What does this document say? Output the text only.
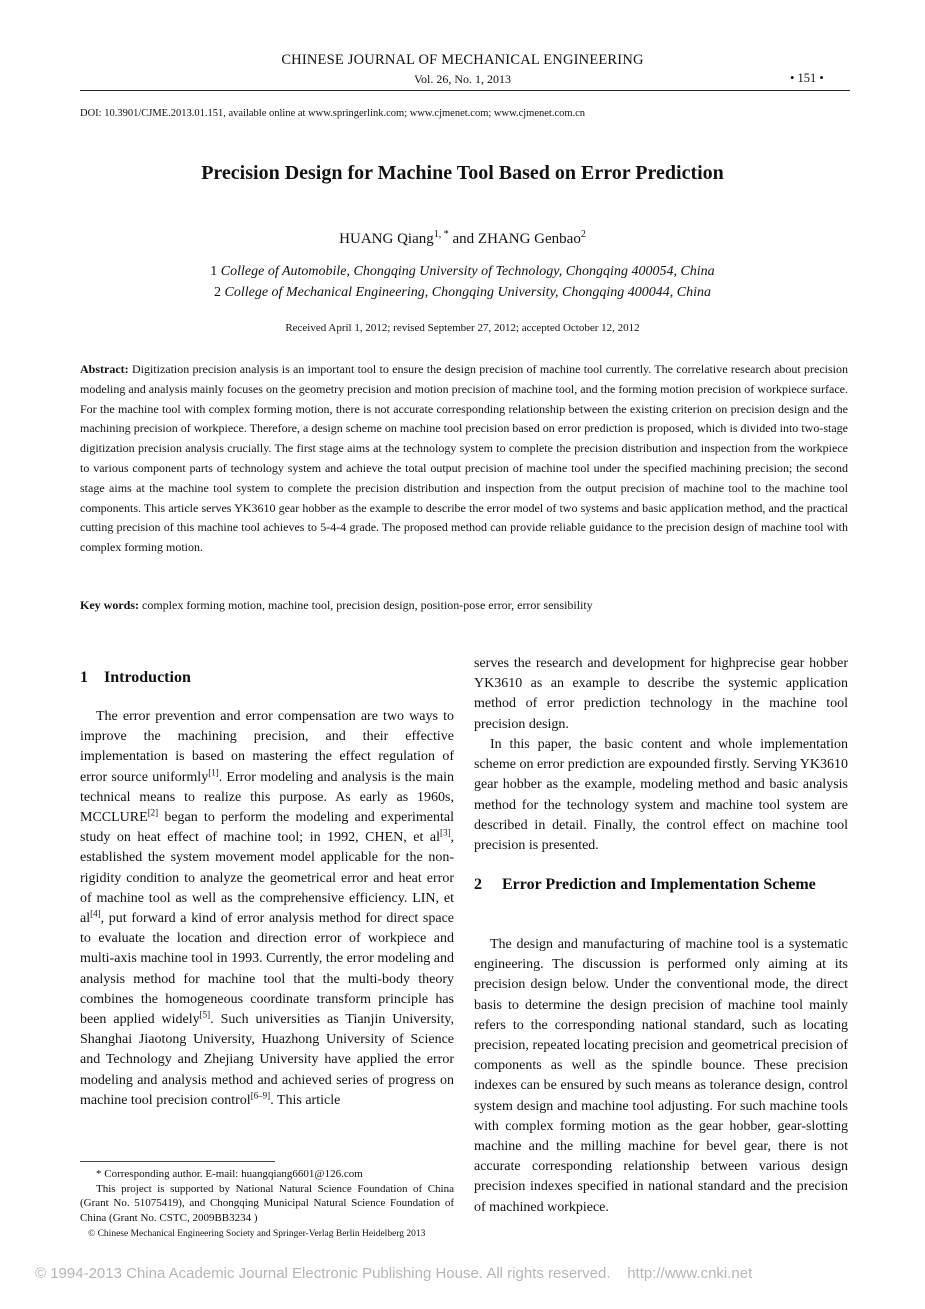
CHINESE JOURNAL OF MECHANICAL ENGINEERING
Vol. 26, No. 1, 2013	• 151 •
DOI: 10.3901/CJME.2013.01.151, available online at www.springerlink.com; www.cjmenet.com; www.cjmenet.com.cn
Precision Design for Machine Tool Based on Error Prediction
HUANG Qiang$^{1, *}$ and ZHANG Genbao$^2$
1 College of Automobile, Chongqing University of Technology, Chongqing 400054, China
2 College of Mechanical Engineering, Chongqing University, Chongqing 400044, China
Received April 1, 2012; revised September 27, 2012; accepted October 12, 2012
Abstract: Digitization precision analysis is an important tool to ensure the design precision of machine tool currently. The correlative research about precision modeling and analysis mainly focuses on the geometry precision and motion precision of machine tool, and the forming motion precision of workpiece surface. For the machine tool with complex forming motion, there is not accurate corresponding relationship between the existing criterion on precision design and the machining precision of workpiece. Therefore, a design scheme on machine tool precision based on error prediction is proposed, which is divided into two-stage digitization precision analysis crucially. The first stage aims at the technology system to complete the precision distribution and inspection from the workpiece to various component parts of technology system and achieve the total output precision of machine tool under the specified machining precision; the second stage aims at the machine tool system to complete the precision distribution and inspection from the output precision of machine tool to the machine tool components. This article serves YK3610 gear hobber as the example to describe the error model of two systems and basic application method, and the practical cutting precision of this machine tool achieves to 5-4-4 grade. The proposed method can provide reliable guidance to the precision design of machine tool with complex forming motion.
Key words: complex forming motion, machine tool, precision design, position-pose error, error sensibility
1 Introduction
The error prevention and error compensation are two ways to improve the machining precision, and their effective implementation is based on mastering the effect regulation of error source uniformly[1]. Error modeling and analysis is the main technical means to realize this purpose. As early as 1960s, MCCLURE[2] began to perform the modeling and experimental study on heat effect of machine tool; in 1992, CHEN, et al[3], established the system movement model applicable for the non-rigidity condition to analyze the geometrical error and heat error of machine tool as well as the comprehensive efficiency. LIN, et al[4], put forward a kind of error analysis method for direct space to evaluate the location and direction error of workpiece and multi-axis machine tool in 1993. Currently, the error modeling and analysis method for machine tool that the multi-body theory combines the homogeneous coordinate transform principle has been applied widely[5]. Such universities as Tianjin University, Shanghai Jiaotong University, Huazhong University of Science and Technology and Zhejiang University have applied the error modeling and analysis method and achieved series of progress on machine tool precision control[6–9]. This article

* Corresponding author. E-mail: huangqiang6601@126.com

This project is supported by National Natural Science Foundation of China (Grant No. 51075419), and Chongqing Municipal Natural Science Foundation of China (Grant No. CSTC, 2009BB3234 )

© Chinese Mechanical Engineering Society and Springer-Verlag Berlin Heidelberg 2013
serves the research and development for highprecise gear hobber YK3610 as an example to describe the systemic application method of error prediction technology in the machine tool precision design.
In this paper, the basic content and whole implementation scheme on error prediction are expounded firstly. Serving YK3610 gear hobber as the example, modeling method and basic analysis method for the technology system and machine tool system are described in detail. Finally, the control effect on machine tool precision is presented.
2	Error Prediction and Implementation Scheme
The design and manufacturing of machine tool is a systematic engineering. The discussion is performed only aiming at its precision design below. Under the conventional mode, the direct basis to determine the design precision of machine tool mainly refers to the corresponding national standard, such as locating precision, repeated locating precision and geometrical precision of components as well as the spindle bounce. These precision indexes can be ensured by such means as tolerance design, control system design and machine tool adjusting. For such machine tools with complex forming motion as the gear hobber, gear-slotting machine and the milling machine for bevel gear, there is not accurate corresponding relationship between various design precision indexes specified in national standard and the precision of machined workpiece.
© 1994-2013 China Academic Journal Electronic Publishing House. All rights reserved. http://www.cnki.net
